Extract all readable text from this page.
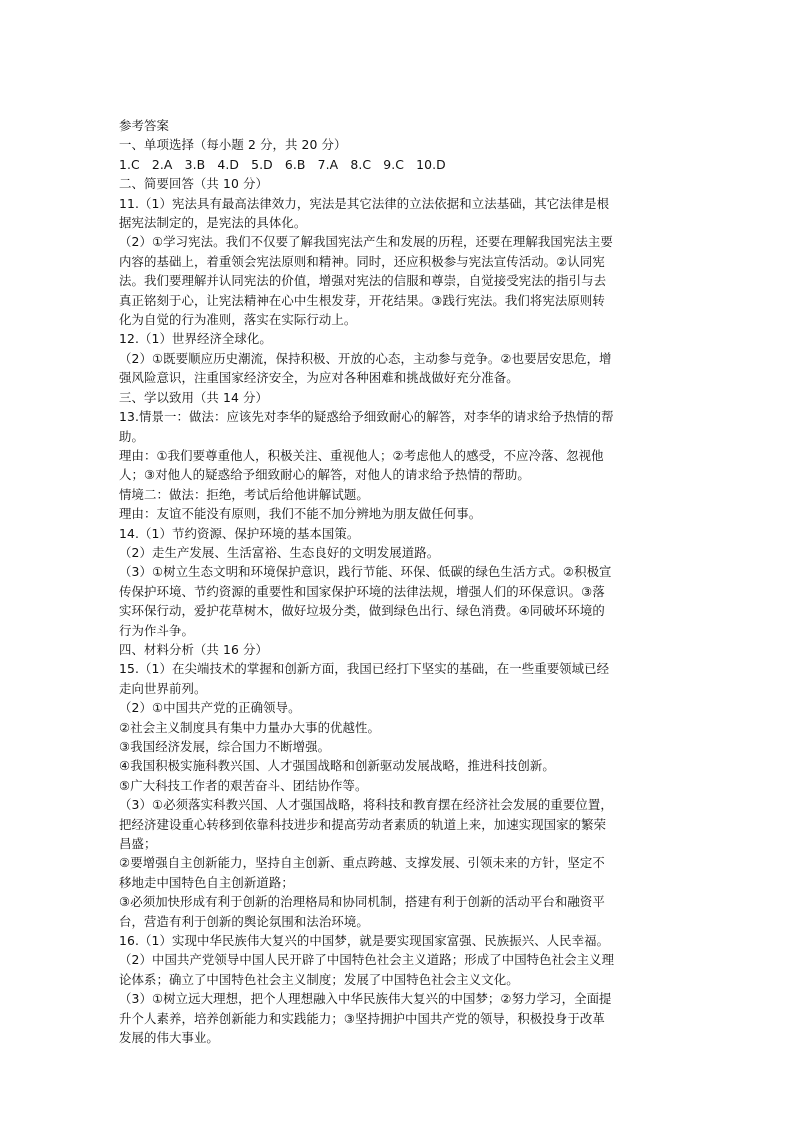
参考答案
一、单项选择（每小题 2 分，共 20 分）
1.C   2.A   3.B   4.D   5.D   6.B   7.A   8.C   9.C   10.D
二、简要回答（共 10 分）
11.（1）宪法具有最高法律效力，宪法是其它法律的立法依据和立法基础，其它法律是根
据宪法制定的，是宪法的具体化。
（2）①学习宪法。我们不仅要了解我国宪法产生和发展的历程，还要在理解我国宪法主要
内容的基础上，着重领会宪法原则和精神。同时，还应积极参与宪法宣传活动。②认同宪
法。我们要理解并认同宪法的价值，增强对宪法的信服和尊崇，自觉接受宪法的指引与去
真正铭刻于心，让宪法精神在心中生根发芽，开花结果。③践行宪法。我们将宪法原则转
化为自觉的行为准则，落实在实际行动上。
12.（1）世界经济全球化。
（2）①既要顺应历史潮流，保持积极、开放的心态，主动参与竞争。②也要居安思危，增
强风险意识，注重国家经济安全，为应对各种困难和挑战做好充分准备。
三、学以致用（共 14 分）
13.情景一：做法：应该先对李华的疑惑给予细致耐心的解答，对李华的请求给予热情的帮
助。
理由：①我们要尊重他人，积极关注、重视他人；②考虑他人的感受，不应冷落、忽视他
人；③对他人的疑惑给予细致耐心的解答，对他人的请求给予热情的帮助。
情境二：做法：拒绝，考试后给他讲解试题。
理由：友谊不能没有原则，我们不能不加分辨地为朋友做任何事。
14.（1）节约资源、保护环境的基本国策。
（2）走生产发展、生活富裕、生态良好的文明发展道路。
（3）①树立生态文明和环境保护意识，践行节能、环保、低碳的绿色生活方式。②积极宣
传保护环境、节约资源的重要性和国家保护环境的法律法规，增强人们的环保意识。③落
实环保行动，爱护花草树木，做好垃圾分类，做到绿色出行、绿色消费。④同破坏环境的
行为作斗争。
四、材料分析（共 16 分）
15.（1）在尖端技术的掌握和创新方面，我国已经打下坚实的基础，在一些重要领域已经
走向世界前列。
（2）①中国共产党的正确领导。
②社会主义制度具有集中力量办大事的优越性。
③我国经济发展，综合国力不断增强。
④我国积极实施科教兴国、人才强国战略和创新驱动发展战略，推进科技创新。
⑤广大科技工作者的艰苦奋斗、团结协作等。
（3）①必须落实科教兴国、人才强国战略，将科技和教育摆在经济社会发展的重要位置，
把经济建设重心转移到依靠科技进步和提高劳动者素质的轨道上来，加速实现国家的繁荣
昌盛；
②要增强自主创新能力，坚持自主创新、重点跨越、支撑发展、引领未来的方针，坚定不
移地走中国特色自主创新道路；
③必须加快形成有利于创新的治理格局和协同机制，搭建有利于创新的活动平台和融资平
台，营造有利于创新的舆论氛围和法治环境。
16.（1）实现中华民族伟大复兴的中国梦，就是要实现国家富强、民族振兴、人民幸福。
（2）中国共产党领导中国人民开辟了中国特色社会主义道路；形成了中国特色社会主义理
论体系；确立了中国特色社会主义制度；发展了中国特色社会主义文化。
（3）①树立远大理想，把个人理想融入中华民族伟大复兴的中国梦；②努力学习，全面提
升个人素养，培养创新能力和实践能力；③坚持拥护中国共产党的领导，积极投身于改革
发展的伟大事业。
